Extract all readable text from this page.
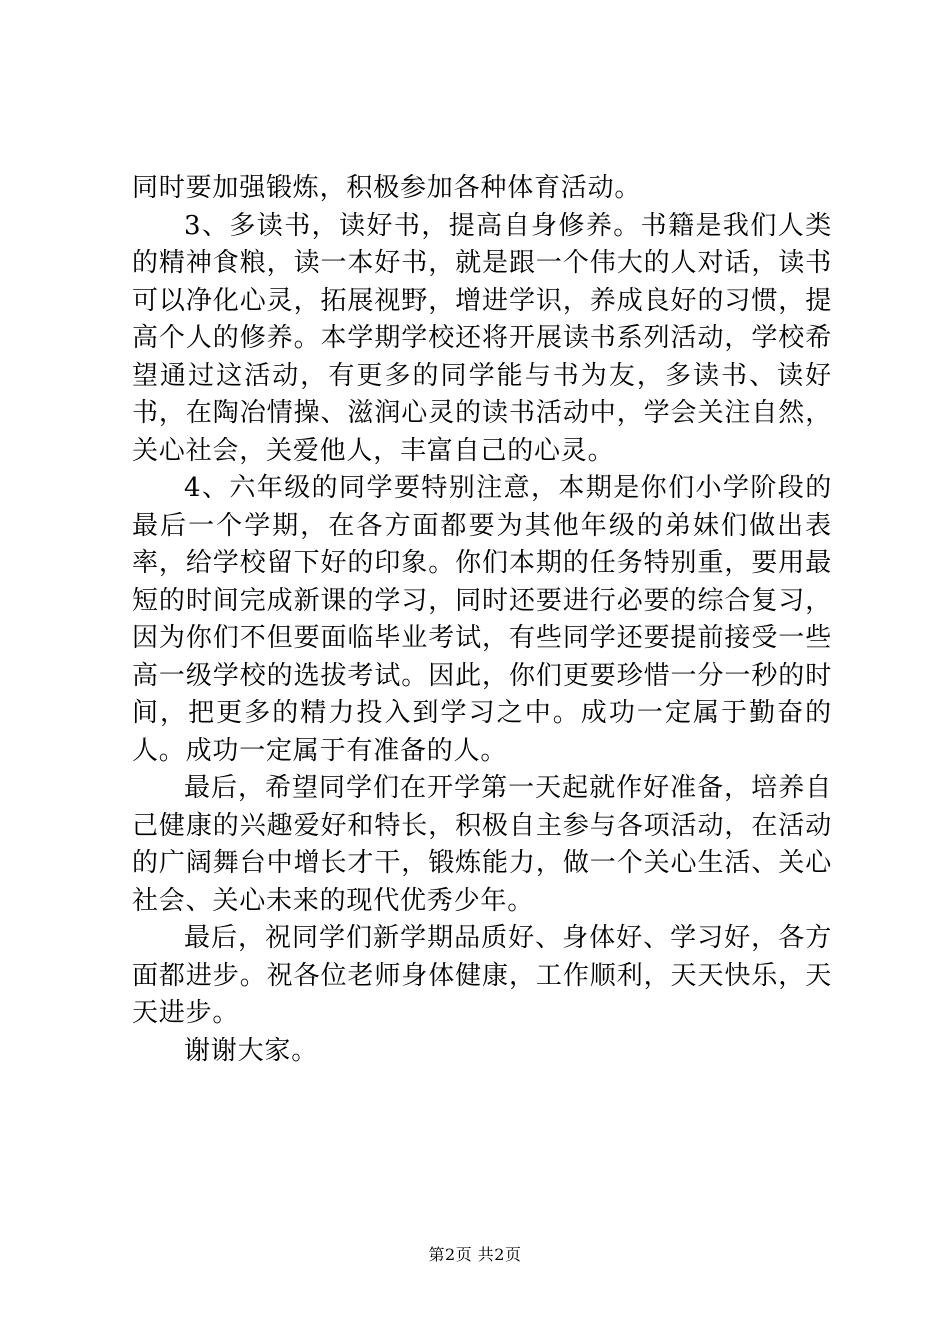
同时要加强锻炼，积极参加各种体育活动。

3、多读书，读好书，提高自身修养。书籍是我们人类的精神食粮，读一本好书，就是跟一个伟大的人对话，读书可以净化心灵，拓展视野，增进学识，养成良好的习惯，提高个人的修养。本学期学校还将开展读书系列活动，学校希望通过这活动，有更多的同学能与书为友，多读书、读好书，在陶冶情操、滋润心灵的读书活动中，学会关注自然，关心社会，关爱他人，丰富自己的心灵。

4、六年级的同学要特别注意，本期是你们小学阶段的最后一个学期，在各方面都要为其他年级的弟妹们做出表率，给学校留下好的印象。你们本期的任务特别重，要用最短的时间完成新课的学习，同时还要进行必要的综合复习，因为你们不但要面临毕业考试，有些同学还要提前接受一些高一级学校的选拔考试。因此，你们更要珍惜一分一秒的时间，把更多的精力投入到学习之中。成功一定属于勤奋的人。成功一定属于有准备的人。

最后，希望同学们在开学第一天起就作好准备，培养自己健康的兴趣爱好和特长，积极自主参与各项活动，在活动的广阔舞台中增长才干，锻炼能力，做一个关心生活、关心社会、关心未来的现代优秀少年。

最后，祝同学们新学期品质好、身体好、学习好，各方面都进步。祝各位老师身体健康，工作顺利，天天快乐，天天进步。

谢谢大家。

第2页 共2页
